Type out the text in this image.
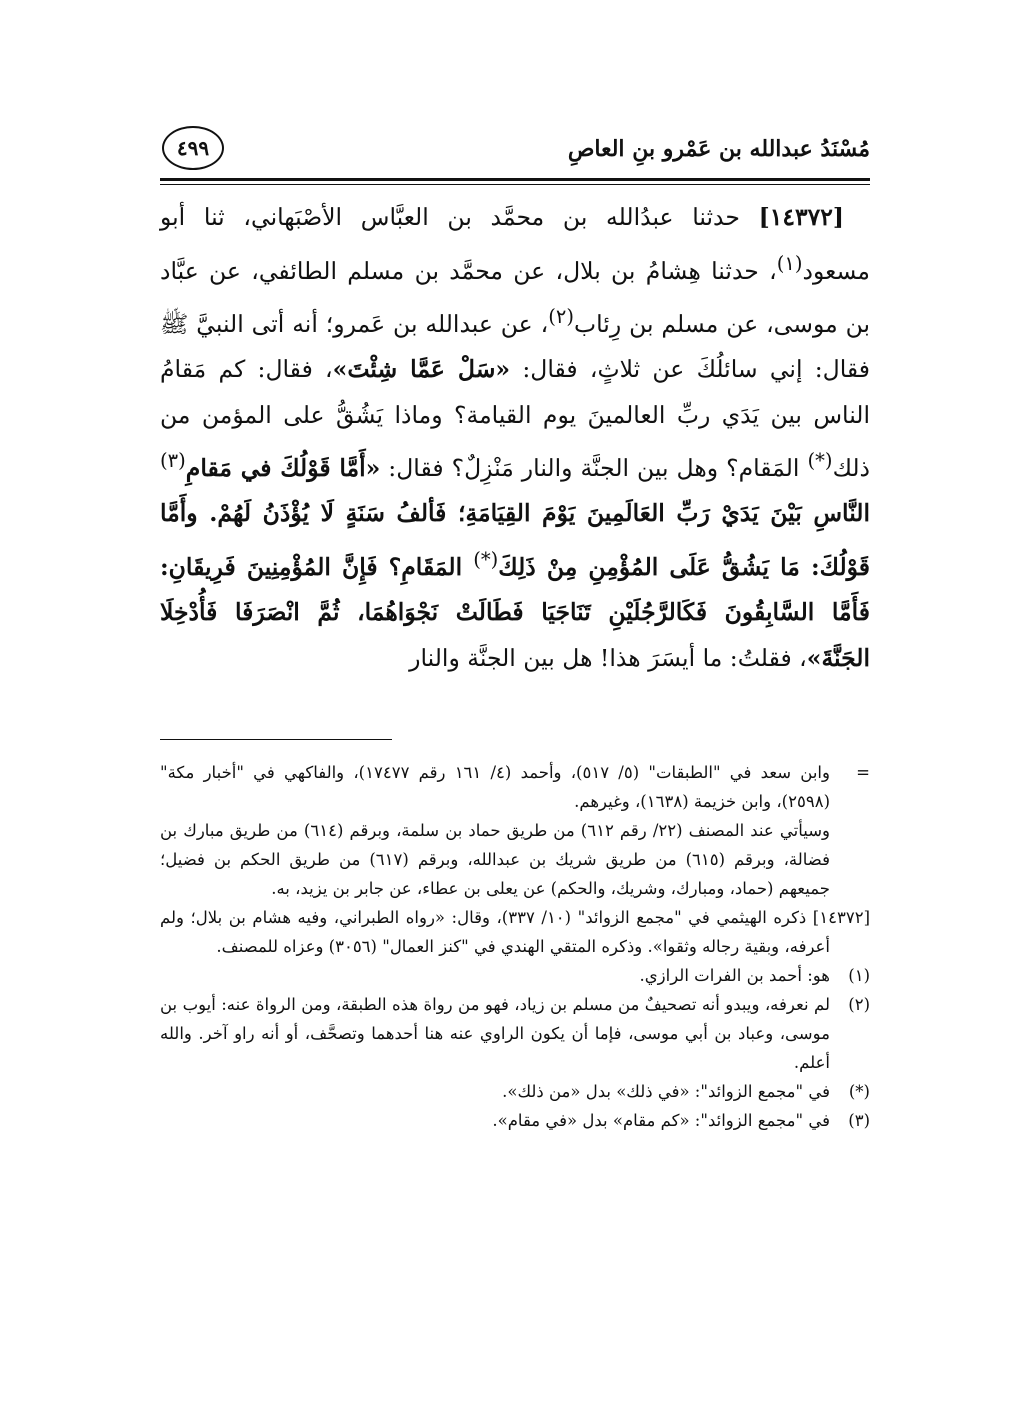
مُسْنَدُ عبدالله بن عَمْرو بنِ العاصِ
٤٩٩

[١٤٣٧٢] حدثنا عبدُالله بن محمَّد بن العبَّاس الأصْبَهاني، ثنا أبو مسعود$^{(١)}$، حدثنا هِشامُ بن بلال، عن محمَّد بن مسلم الطائفي، عن عبَّاد بن موسى، عن مسلم بن رِئاب$^{(٢)}$، عن عبدالله بن عَمرو؛ أنه أتى النبيَّ ﷺ فقال: إني سائلُكَ عن ثلاثٍ، فقال: «سَلْ عَمَّا شِئْتَ»، فقال: كم مَقامُ الناس بين يَدَي ربِّ العالمينَ يوم القيامة؟ وماذا يَشُقُّ على المؤمن من ذلك(*) المَقام؟ وهل بين الجنَّة والنار مَنْزِلٌ؟ فقال: «أَمَّا قَوْلُكَ في مَقامِ$^{(٣)}$ النَّاسِ بَيْنَ يَدَيْ رَبِّ العَالَمِينَ يَوْمَ القِيَامَةِ؛ فَألفُ سَنَةٍ لَا يُؤْذَنُ لَهُمْ. وأَمَّا قَوْلُكَ: مَا يَشُقُّ عَلَى المُؤْمِنِ مِنْ ذَلِكَ(*) المَقَامِ؟ فَإِنَّ المُؤْمِنِينَ فَرِيقَانِ: فَأَمَّا السَّابِقُونَ فَكَالرَّجُلَيْنِ تَنَاجَيَا فَطَالَتْ نَجْوَاهُمَا، ثُمَّ انْصَرَفَا فَأُدْخِلَا الجَنَّةَ»، فقلتُ: ما أيسَرَ هذا! هل بين الجنَّة والنار

=
وابن سعد في "الطبقات" (٥/ ٥١٧)، وأحمد (٤/ ١٦١ رقم ١٧٤٧٧)، والفاكهي في "أخبار مكة" (٢٥٩٨)، وابن خزيمة (١٦٣٨)، وغيرهم.
وسيأتي عند المصنف (٢٢/ رقم ٦١٢) من طريق حماد بن سلمة، وبرقم (٦١٤) من طريق مبارك بن فضالة، وبرقم (٦١٥) من طريق شريك بن عبدالله، وبرقم (٦١٧) من طريق الحكم بن فضيل؛ جميعهم (حماد، ومبارك، وشريك، والحكم) عن يعلى بن عطاء، عن جابر بن يزيد، به.
[١٤٣٧٢] ذكره الهيثمي في "مجمع الزوائد" (١٠/ ٣٣٧)، وقال: «رواه الطبراني، وفيه هشام بن بلال؛ ولم أعرفه، وبقية رجاله وثقوا». وذكره المتقي الهندي في "كنز العمال" (٣٠٥٦) وعزاه للمصنف.
(١)
هو: أحمد بن الفرات الرازي.
(٢)
لم نعرفه، ويبدو أنه تصحيفٌ من مسلم بن زياد، فهو من رواة هذه الطبقة، ومن الرواة عنه: أيوب بن موسى، وعباد بن أبي موسى، فإما أن يكون الراوي عنه هنا أحدهما وتصحَّف، أو أنه راو آخر. والله أعلم.
(*)
في "مجمع الزوائد": «في ذلك» بدل «من ذلك».
(٣)
في "مجمع الزوائد": «كم مقام» بدل «في مقام».
